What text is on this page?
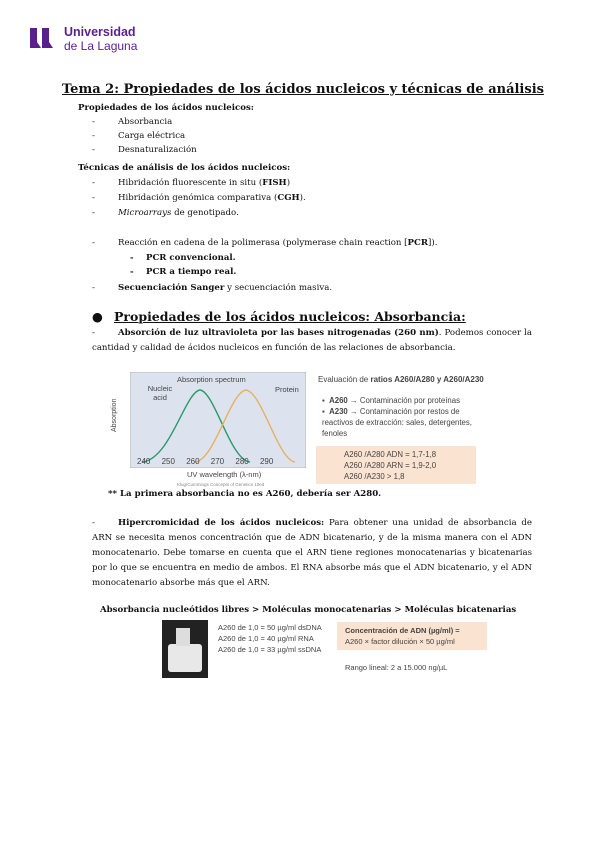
Universidad
de La Laguna
Tema 2: Propiedades de los ácidos nucleicos y técnicas de análisis
Propiedades de los ácidos nucleicos:
-	Absorbancia
-	Carga eléctrica
-	Desnaturalización
Técnicas de análisis de los ácidos nucleicos:
-	Hibridación fluorescente in situ (FISH)
-	Hibridación genómica comparativa (CGH).
-	Microarrays de genotipado.
-	Reacción en cadena de la polimerasa (polymerase chain reaction [PCR]).
- PCR convencional.
- PCR a tiempo real.
-	Secuenciación Sanger y secuenciación masiva.
● Propiedades de los ácidos nucleicos: Absorbancia:
-	Absorción de luz ultravioleta por las bases nitrogenadas (260 nm). Podemos conocer la cantidad y calidad de ácidos nucleicos en función de las relaciones de absorbancia.
Absorption
Absorption spectrum
Nucleic acid
Protein
240 250 260 270 280 290
UV wavelength (λ-nm)
Klug/Cummings Concepts of Genetics 10ed
Evaluación de ratios A260/A280 y A260/A230
▪  A260 → Contaminación por proteínas
▪  A230 → Contaminación por restos de reactivos de extracción: sales, detergentes, fenoles
A260 /A280 ADN = 1,7-1,8
A260 /A280 ARN = 1,9-2,0
A260 /A230 > 1,8
** La primera absorbancia no es A260, debería ser A280.
-	Hipercromicidad de los ácidos nucleicos: Para obtener una unidad de absorbancia de ARN se necesita menos concentración que de ADN bicatenario, y de la misma manera con el ADN monocatenario. Debe tomarse en cuenta que el ARN tiene regiones monocatenarias y bicatenarias por lo que se encuentra en medio de ambos. El RNA absorbe más que el ADN bicatenario, y el ADN monocatenario absorbe más que el ARN.
Absorbancia nucleótidos libres > Moléculas monocatenarias > Moléculas bicatenarias
A260 de 1,0 = 50 µg/ml dsDNA
A260 de 1,0 = 40 µg/ml RNA
A260 de 1,0 = 33 µg/ml ssDNA
Concentración de ADN (µg/ml) =
A260 × factor dilución × 50 µg/ml
Rango lineal: 2 a 15.000 ng/µL
